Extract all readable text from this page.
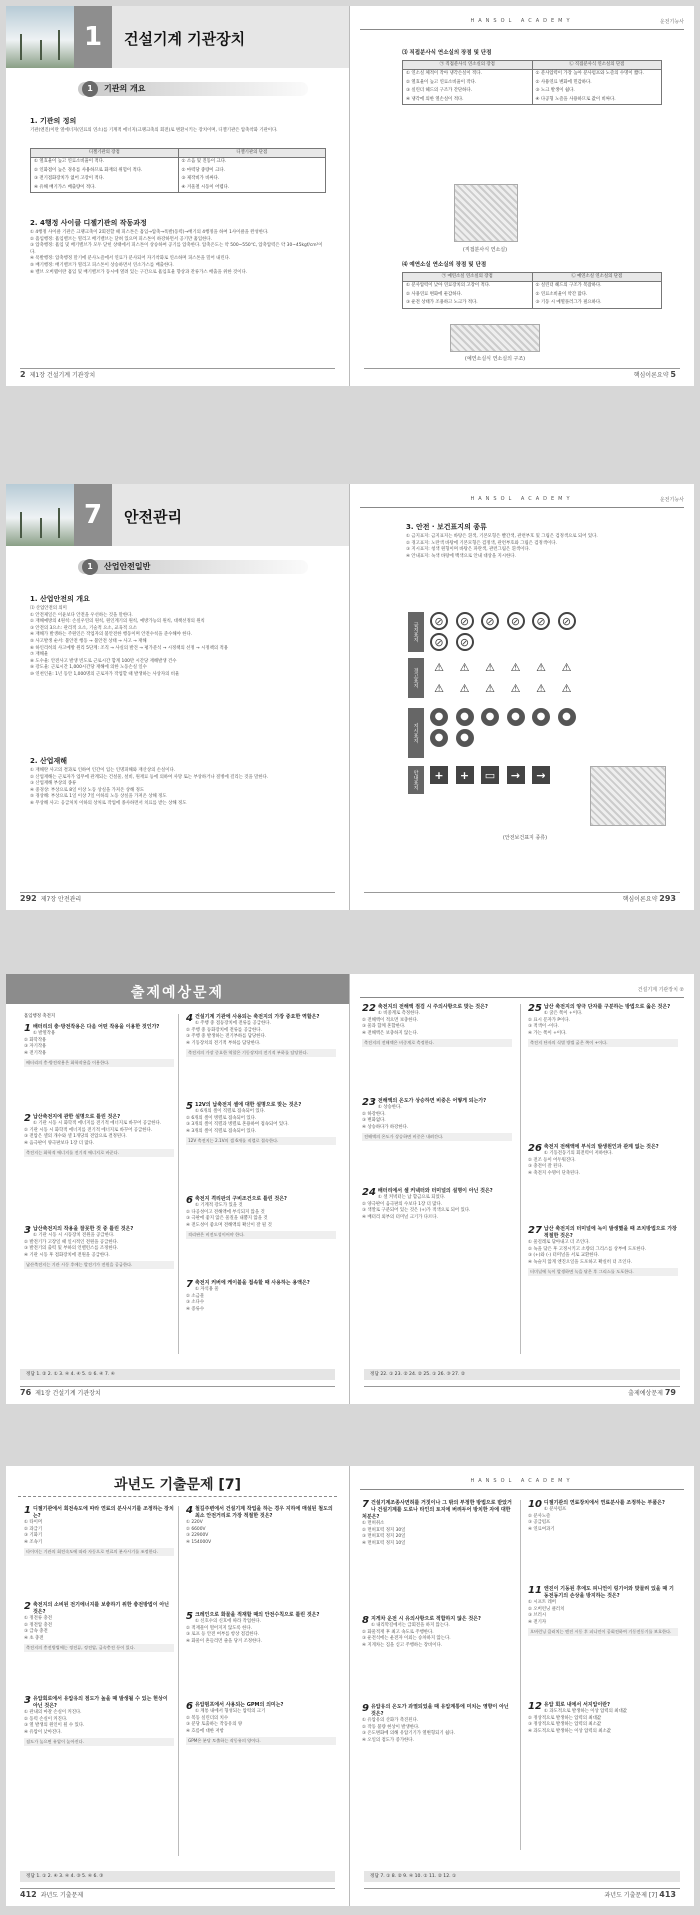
1	건설기계 기관장치
1	기관의 개요
1. 기관의 정의
기관(엔진)이란 열에너지(연료의 연소)를 기계적 에너지(크랭크축의 회전)로 변환시키는 장치이며, 디젤기관은 압축착화 기관이다.
디젤기관의 장점	디젤기관의 단점
① 열효율이 높고 연료소비율이 적다.	① 소음 및 진동이 크다.
② 인화점이 높은 경유를 사용하므로 화재의 위험이 적다.	② 마력당 중량이 크다.
③ 전기점화장치가 없어 고장이 적다.	③ 제작비가 비싸다.
④ 유해 배기가스 배출량이 적다.	④ 겨울철 시동이 어렵다.
2. 4행정 사이클 디젤기관의 작동과정
① 4행정 사이클 기관은 크랭크축이 2회전할 때 피스톤은 흡입→압축→폭발(동력)→배기의 4행정을 하여 1사이클을 완성한다.
② 흡입행정: 흡입밸브는 열리고 배기밸브는 닫혀 있으며 피스톤이 하강하면서 공기만 흡입한다.
③ 압축행정: 흡입 및 배기밸브가 모두 닫힌 상태에서 피스톤이 상승하여 공기를 압축한다. 압축온도는 약 500~550℃, 압축압력은 약 30~45kgf/cm²이다.
④ 폭발행정: 압축행정 말기에 분사노즐에서 연료가 분사되어 자기착화로 연소하며 피스톤을 밀어 내린다.
⑤ 배기행정: 배기밸브가 열리고 피스톤이 상승하면서 연소가스를 배출한다.
⑥ 밸브 오버랩이란 흡입 및 배기밸브가 동시에 열려 있는 구간으로 흡입효율 향상과 잔류가스 배출을 위한 것이다.
2 제1장 건설기계 기관장치
HANSOL ACADEMY	운전기능사
⑶ 직접분사식 연소실의 장점 및 단점
㉠ 직접분사식 연소실의 장점	㉡ 직접분사식 연소실의 단점
① 연소실 체적이 작아 냉각손실이 적다.	① 분사압력이 가장 높아 분사펌프와 노즐의 수명이 짧다.
② 열효율이 높고 연료소비율이 작다.	② 사용연료 변화에 민감하다.
③ 실린더 헤드의 구조가 간단하다.	③ 노크 발생이 쉽다.
④ 냉각에 의한 열손실이 적다.	④ 다공형 노즐을 사용하므로 값이 비싸다.
(직접분사식 연소실)
⑷ 예연소실 연소실의 장점 및 단점
㉠ 예연소실 연소실의 장점	㉡ 예연소실 연소실의 단점
① 분사압력이 낮아 연료장치의 고장이 적다.	① 실린더 헤드의 구조가 복잡하다.
② 사용연료 변화에 둔감하다.	② 연료소비율이 약간 많다.
③ 운전 상태가 조용하고 노크가 적다.	③ 기동 시 예열플러그가 필요하다.
(예연소실식 연소실의 구조)
핵심이론요약 5
7	안전관리
1	산업안전일반
1. 산업안전의 개요
⑴ 산업안전의 의미
① 안전제일은 이윤보다 안전을 우선하는 것을 말한다.
② 재해예방의 4원칙: 손실우연의 원칙, 원인계기의 원칙, 예방가능의 원칙, 대책선정의 원칙
③ 안전의 3요소: 관리적 요소, 기술적 요소, 교육적 요소
④ 재해가 발생하는 주원인은 작업자의 불안전한 행동이며 안전수칙을 준수해야 한다.
⑤ 사고발생 순서: 불안전 행동 → 불안전 상태 → 사고 → 재해
⑥ 하인리히의 사고예방 원리 5단계: 조직 → 사실의 발견 → 평가분석 → 시정책의 선정 → 시정책의 적용
⑦ 재해율
⑧ 도수율: 안전사고 발생 빈도로 근로시간 합계 100만 시간당 재해발생 건수
⑨ 강도율: 근로시간 1,000시간당 재해에 의한 노동손실 일수
⑩ 연천인율: 1년 동안 1,000명의 근로자가 작업할 때 발생하는 사상자의 비율
2. 산업재해
① 재해란 사고의 결과로 인하여 인간이 입는 인명피해와 재산상의 손실이다.
② 산업재해는 근로자가 업무에 관계되는 건설물, 설비, 원재료 등에 의하여 사망 또는 부상하거나 질병에 걸리는 것을 말한다.
③ 산업재해 부상의 종류
④ 중경상: 부상으로 8일 이상 노동 상실을 가져온 상해 정도
⑤ 경상해: 부상으로 1일 이상 7일 이하의 노동 상실을 가져온 상해 정도
⑥ 무상해 사고: 응급처치 이하의 상처로 작업에 종사하면서 치료를 받는 상해 정도
292 제7장 안전관리
HANSOL ACADEMY	운전기능사
3. 안전 · 보건표지의 종류
① 금지표지: 금지표지는 바탕은 흰색, 기본모형은 빨간색, 관련부호 및 그림은 검정색으로 되어 있다.
② 경고표지: 노란색 바탕에 기본모형은 검정색, 관련부호와 그림은 검정색이다.
③ 지시표지: 청색 원형이며 바탕은 파란색, 관련그림은 흰색이다.
④ 안내표지: 녹색 바탕에 백색으로 안내 대상을 지시한다.
금지표지
경고표지
지시표지
안내표지
⊘	⊘	⊘	⊘	⊘	⊘
⊘	⊘
⚠	⚠	⚠	⚠	⚠	⚠
⚠	⚠	⚠	⚠	⚠	⚠
●	●	●	●	●	●
●	●
+	+	▭	→	→
(안전보건표지 종류)
핵심이론요약 293
출제예상문제
흡입행정 축전지
1 배터리의 충·방전작용은 다음 어떤 작용을 이용한 것인가?
① 발열작용
② 화학작용
③ 자기작용
④ 전기작용
배터리의 충·방전작용은 화학작용을 이용한다.
2 납산축전지에 관한 설명으로 틀린 것은?
① 기관 시동 시 화학적 에너지를 전기적 에너지로 바꾸어 공급한다.
② 기관 시동 시 화학적 에너지를 전기적 에너지로 바꾸어 공급한다.
③ 전압은 셀의 개수와 셀 1개당의 전압으로 결정된다.
④ 음극판이 양극판보다 1장 더 많다.
축전지는 화학적 에너지를 전기적 에너지로 바꾼다.
3 납산축전지의 작용을 잘못한 것 중 틀린 것은?
① 기관 시동 시 시동장치 전원을 공급한다.
② 발전기가 고장일 때 일시적인 전원을 공급한다.
③ 발전기의 출력 및 부하의 언밸런스를 조정한다.
④ 기관 시동 후 점화장치에 전원을 공급한다.
납산축전지는 기관 시동 후에는 발전기가 전원을 공급한다.
4 건설기계 기관에 사용되는 축전지의 가장 중요한 역할은?
① 주행 중 점등장치에 전류를 공급한다.
② 주행 중 등화장치에 전류를 공급한다.
③ 주행 중 발생하는 전기부하를 담당한다.
④ 기동장치의 전기적 부하를 담당한다.
축전지의 가장 중요한 역할은 기동장치의 전기적 부하를 담당한다.
5 12V의 납축전지 셀에 대한 설명으로 맞는 것은?
① 6개의 셀이 직렬로 접속되어 있다.
② 6개의 셀이 병렬로 접속되어 있다.
③ 3개의 셀이 직렬과 병렬로 혼용하여 접속되어 있다.
④ 3개의 셀이 직렬로 접속되어 있다.
12V 축전지는 2.1V의 셀 6개를 직렬로 접속한다.
6 축전지 격리판의 구비조건으로 틀린 것은?
① 기계적 강도가 있을 것
② 다공성이고 전해액에 부식되지 않을 것
③ 극판에 좋지 않은 물질을 내뿜지 않을 것
④ 전도성이 좋으며 전해액의 확산이 잘 될 것
격리판은 비전도성이어야 한다.
7 축전지 커버에 케이블을 접속할 때 사용하는 용액은?
① 자석용 물
② 소금물
③ 소다수
④ 증류수
정답 1. ② 2. ① 3. ④ 4. ④ 5. ① 6. ④ 7. ④
76 제1장 건설기계 기관장치
건설기계 기관장치 ②
22 축전지의 전해액 점검 시 주의사항으로 맞는 것은?
① 비중계로 측정한다.
② 전해액이 적으면 보충한다.
③ 물과 함께 혼합한다.
④ 전해액은 보충하지 않는다.
축전지의 전해액은 비중계로 측정한다.
23 전해액의 온도가 상승하면 비중은 어떻게 되는가?
① 상승한다.
② 하강한다.
③ 변화없다.
④ 상승하다가 하강한다.
전해액의 온도가 상승하면 비중은 내려간다.
24 배터리에서 셀 커넥터와 터미널의 설명이 아닌 것은?
① 셀 커넥터는 납 합금으로 되었다.
② 양극판이 음극판의 수보다 1장 더 많다.
③ 색깔로 구분되어 있는 것은 (+)가 적색으로 되어 있다.
④ 배터리 외부의 터미널 크기가 다르다.
25 납산 축전지의 양극 단자를 구분하는 방법으로 옳은 것은?
① 굵은 쪽이 +이다.
② 표시 문자가 P이다.
③ 적색이 -이다.
④ 가는 쪽이 +이다.
축전지 단자의 식별 방법 굵은 쪽이 +이다.
26 축전지 전해액에 부식의 발생원인과 관계 없는 것은?
① 기동전동기의 회전력이 저하한다.
② 전조 등이 어두워진다.
③ 충전이 잘 된다.
④ 축전지 수명이 단축된다.
27 납산 축전지의 터미널에 녹이 발생했을 때 조치방법으로 가장 적절한 것은?
① 물걸레로 닦아내고 더 조인다.
② 녹을 닦은 후 고정시키고 소량의 그리스를 상부에 도포한다.
③ (+)와 (-) 터미널을 서로 교환한다.
④ 녹슬지 않게 엔진오일을 도포하고 확실히 더 조인다.
터미널에 녹이 발생하면 녹을 닦은 후 그리스를 도포한다.
정답 22. ① 23. ② 24. ② 25. ① 26. ③ 27. ②
출제예상문제 79
과년도 기출문제 [7]
1 디젤기관에서 회전속도에 따라 연료의 분사시기를 조정하는 장치는?
① 타이머
② 과급기
③ 기화기
④ 조속기
타이머는 기관의 회전속도에 따라 자동으로 연료의 분사시기를 조정한다.
2 축전지의 소비된 전기에너지를 보충하기 위한 충전방법이 아닌 것은?
① 정전류 충전
② 정전압 충전
③ 급속 충전
④ 초 충전
축전지의 충전방법에는 정전류, 정전압, 급속충전 등이 있다.
3 유압회로에서 유압유의 점도가 높을 때 발생될 수 있는 현상이 아닌 것은?
① 관내의 마찰 손실이 커진다.
② 동력 손실이 커진다.
③ 열 발생의 원인이 될 수 있다.
④ 유압이 낮아진다.
점도가 높으면 유압이 높아진다.
4 철길주변에서 건설기계 작업을 하는 경우 지하에 매설된 철도의 최소 안전거리로 가장 적절한 것은?
① 220V
② 6600V
③ 22900V
④ 154000V
5 크레인으로 화물을 적재할 때의 안전수칙으로 틀린 것은?
① 신호수의 신호에 따라 작업한다.
② 적재물이 떨어지지 않도록 한다.
③ 로프 등 안전 여부를 항상 점검한다.
④ 화물이 흔들리면 줄을 당겨 조정한다.
6 유압펌프에서 사용되는 GPM의 의미는?
① 계통 내에서 형성되는 압력의 크기
② 복동 실린더의 치수
③ 분당 토출하는 작동유의 양
④ 흐름에 대한 저항
GPM은 분당 토출하는 작동유의 양이다.
정답 1. ① 2. ④ 3. ④ 4. ③ 5. ④ 6. ③
412 과년도 기출문제
HANSOL ACADEMY
7 건설기계조종사면허를 거짓이나 그 밖의 부정한 방법으로 받았거나 건설기계를 도로나 타인의 토지에 버려두어 방치한 자에 대한 처분은?
① 면허취소
② 면허효력 정지 30일
③ 면허효력 정지 20일
④ 면허효력 정지 10일
8 지게차 운전 시 유의사항으로 적합하지 않은 것은?
① 내리막길에서는 급회전을 하지 않는다.
② 화물적재 후 최고 속도로 주행한다.
③ 운전석에는 운전자 이외는 승차하지 않는다.
④ 지게차는 짐을 싣고 주행하는 장비이다.
9 유압유의 온도가 과열되었을 때 유압계통에 미치는 영향이 아닌 것은?
① 유압유의 산화가 촉진된다.
② 작동 불량 현상이 발생한다.
③ 온도변화에 의해 유압기기가 열변형되기 쉽다.
④ 오일의 점도가 증가한다.
10 디젤기관의 연료장치에서 연료분사를 조정하는 부품은?
① 분사펌프
② 분사노즐
③ 공급펌프
④ 연료여과기
11 엔진이 기동된 후에도 피니언이 링기어와 맞물려 있을 때 기동전동기의 손상을 방지하는 것은?
① 시프트 레버
② 오버런닝 클러치
③ 브러시
④ 전기자
오버런닝 클러치는 엔진 시동 후 피니언이 공회전하여 기동전동기를 보호한다.
12 유압 회로 내에서 서지압이란?
① 과도적으로 발생하는 이상 압력의 최대값
② 정상적으로 발생하는 압력의 최대값
③ 정상적으로 발생하는 압력의 최소값
④ 과도적으로 발생하는 이상 압력의 최소값
정답 7. ① 8. ② 9. ④ 10. ① 11. ② 12. ①
과년도 기출문제 [7] 413
